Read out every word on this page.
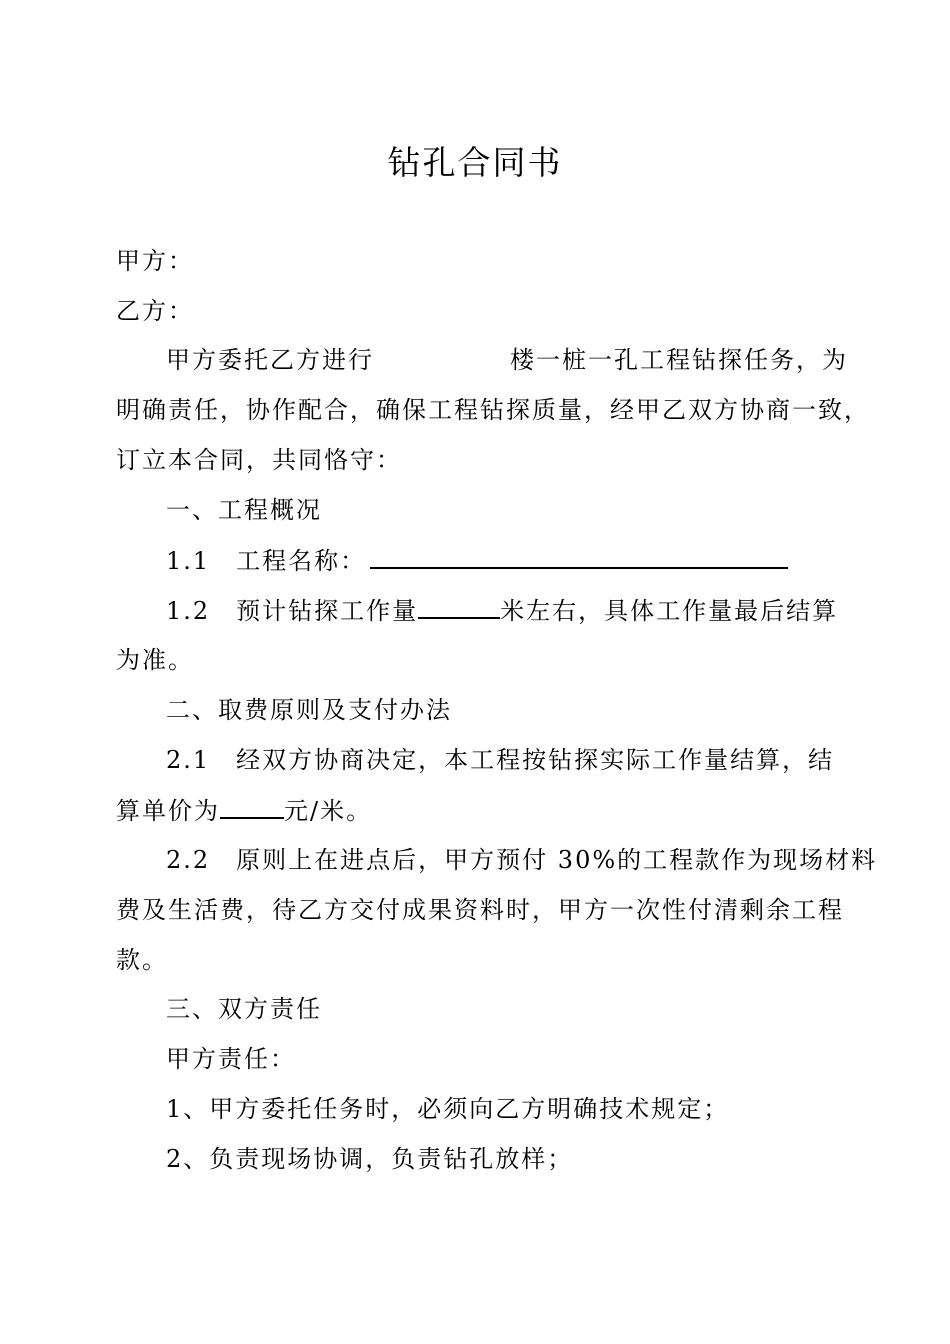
钻孔合同书
甲方：
乙方：
甲方委托乙方进行	楼一桩一孔工程钻探任务，为
明确责任，协作配合，确保工程钻探质量，经甲乙双方协商一致，
订立本合同，共同恪守：
一、工程概况
1.1　工程名称：
1.2　预计钻探工作量	米左右，具体工作量最后结算
为准。
二、取费原则及支付办法
2.1　经双方协商决定，本工程按钻探实际工作量结算，结
算单价为	元/米。
2.2　原则上在进点后，甲方预付 30%的工程款作为现场材料
费及生活费，待乙方交付成果资料时，甲方一次性付清剩余工程
款。
三、双方责任
甲方责任：
1、甲方委托任务时，必须向乙方明确技术规定；
2、负责现场协调，负责钻孔放样；
